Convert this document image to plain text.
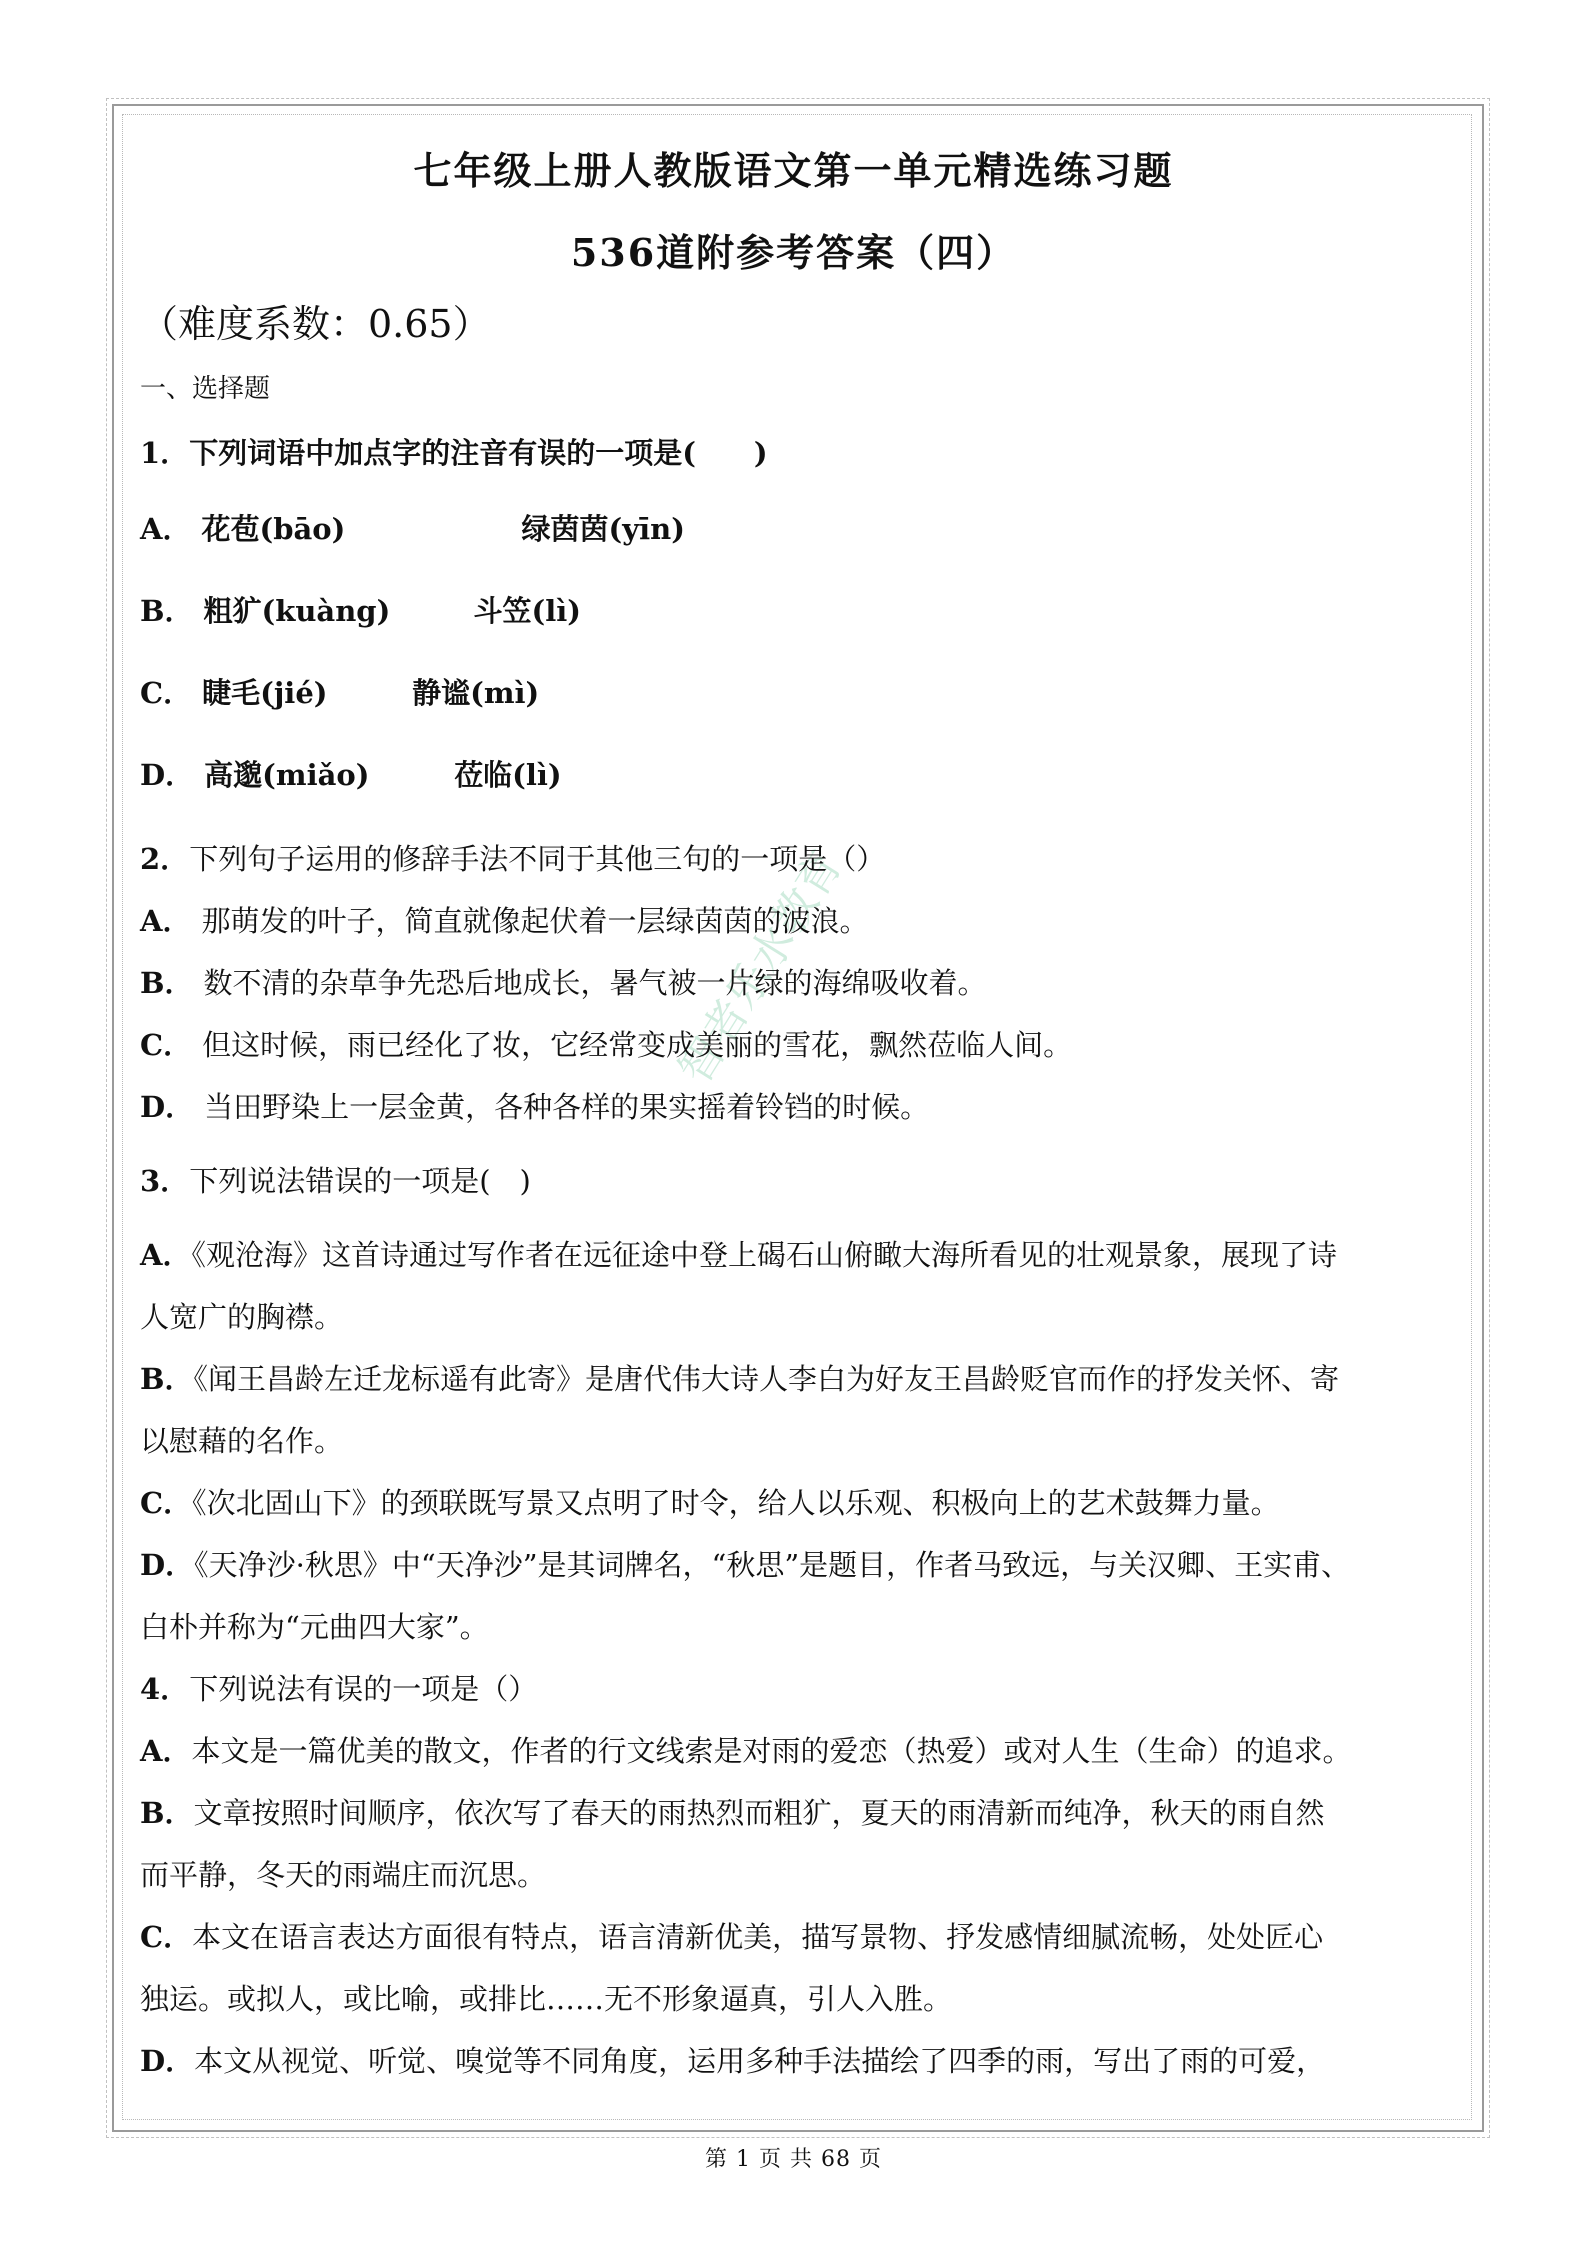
智者乐水教育
七年级上册人教版语文第一单元精选练习题
536道附参考答案（四）
（难度系数：0.65）
一、选择题
1．下列词语中加点字的注音有误的一项是(　　)
A． 花苞(bāo)	绿茵茵(yīn)
B． 粗犷(kuàng)	斗笠(lì)
C． 睫毛(jié)	静谧(mì)
D． 高邈(miǎo)	莅临(lì)
2．下列句子运用的修辞手法不同于其他三句的一项是（）
A． 那萌发的叶子，简直就像起伏着一层绿茵茵的波浪。
B． 数不清的杂草争先恐后地成长，暑气被一片绿的海绵吸收着。
C． 但这时候，雨已经化了妆，它经常变成美丽的雪花，飘然莅临人间。
D． 当田野染上一层金黄，各种各样的果实摇着铃铛的时候。
3．下列说法错误的一项是(　)
A．《观沧海》这首诗通过写作者在远征途中登上碣石山俯瞰大海所看见的壮观景象，展现了诗
人宽广的胸襟。
B．《闻王昌龄左迁龙标遥有此寄》是唐代伟大诗人李白为好友王昌龄贬官而作的抒发关怀、寄
以慰藉的名作。
C．《次北固山下》的颈联既写景又点明了时令，给人以乐观、积极向上的艺术鼓舞力量。
D．《天净沙·秋思》中“天净沙”是其词牌名，“秋思”是题目，作者马致远，与关汉卿、王实甫、
白朴并称为“元曲四大家”。
4．下列说法有误的一项是（）
A．本文是一篇优美的散文，作者的行文线索是对雨的爱恋（热爱）或对人生（生命）的追求。
B．文章按照时间顺序，依次写了春天的雨热烈而粗犷，夏天的雨清新而纯净，秋天的雨自然
而平静，冬天的雨端庄而沉思。
C．本文在语言表达方面很有特点，语言清新优美，描写景物、抒发感情细腻流畅，处处匠心
独运。或拟人，或比喻，或排比……无不形象逼真，引人入胜。
D．本文从视觉、听觉、嗅觉等不同角度，运用多种手法描绘了四季的雨，写出了雨的可爱，
第 1 页 共 68 页
